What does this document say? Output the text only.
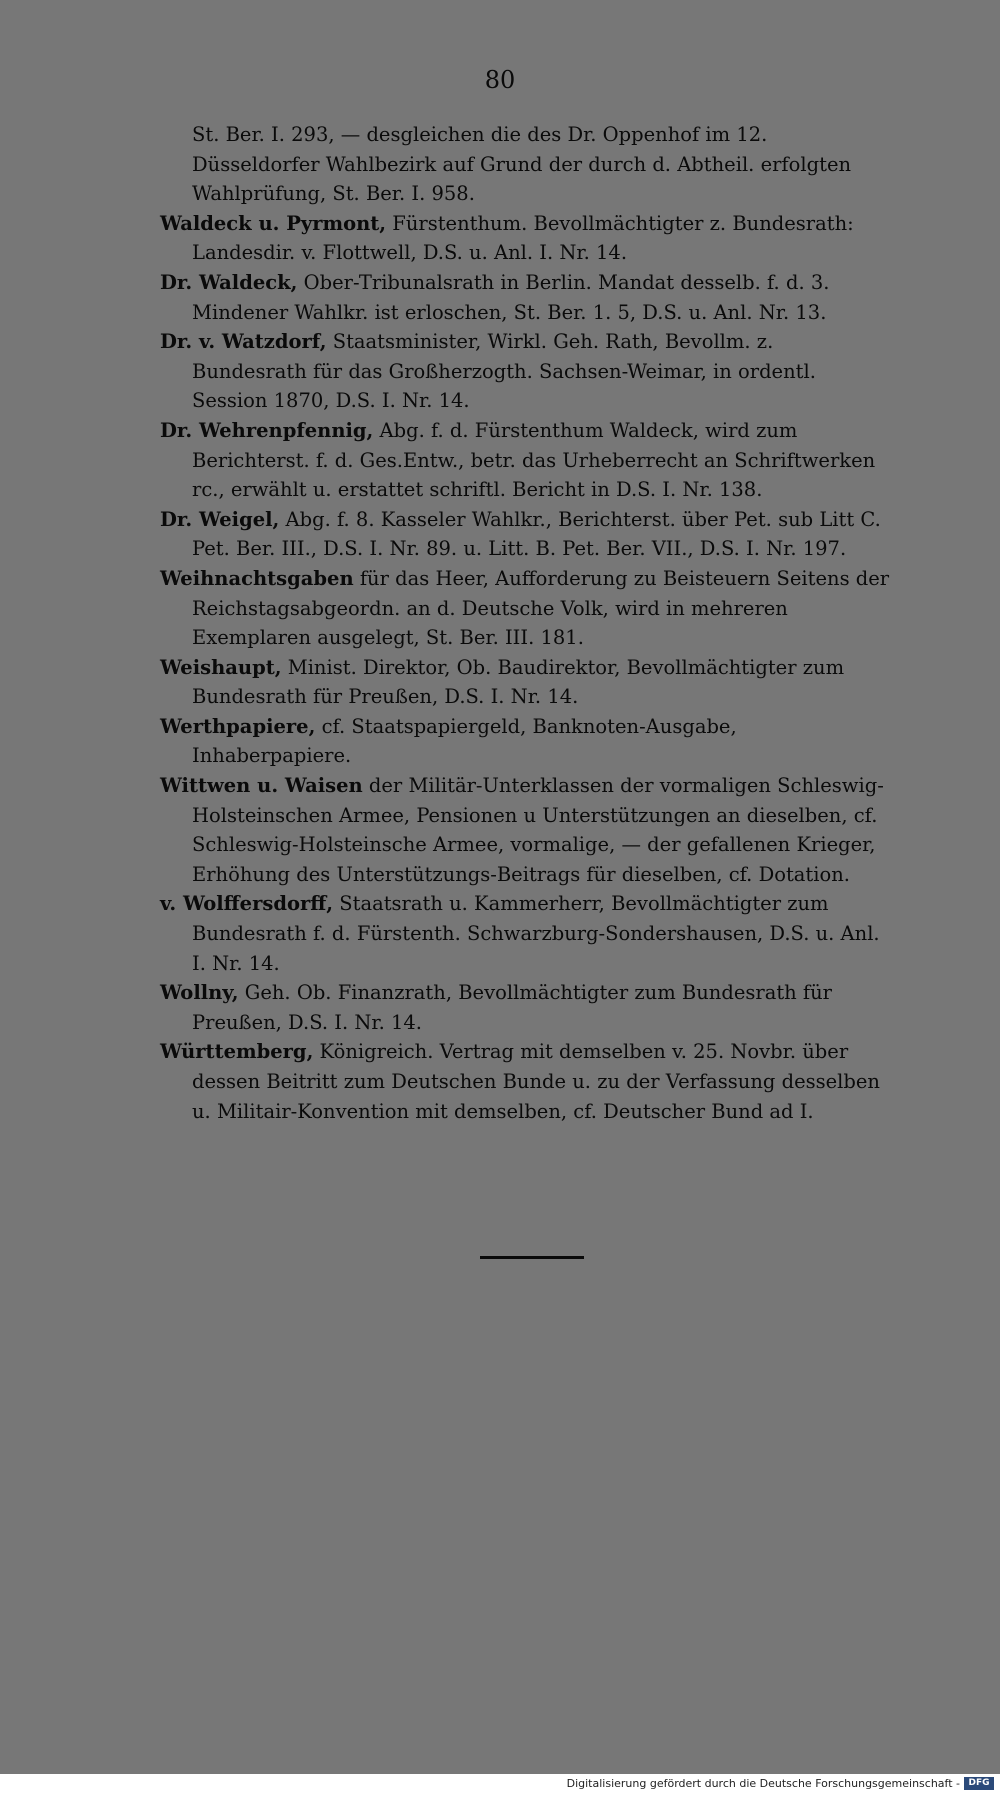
80

St. Ber. I. 293, — desgleichen die des Dr. Oppenhof im 12. Düsseldorfer Wahlbezirk auf Grund der durch d. Abtheil. erfolgten Wahlprüfung, St. Ber. I. 958.

Waldeck u. Pyrmont, Fürstenthum. Bevollmächtigter z. Bundesrath: Landesdir. v. Flottwell, D.S. u. Anl. I. Nr. 14.

Dr. Waldeck, Ober-Tribunalsrath in Berlin. Mandat desselb. f. d. 3. Mindener Wahlkr. ist erloschen, St. Ber. 1. 5, D.S. u. Anl. Nr. 13.

Dr. v. Watzdorf, Staatsminister, Wirkl. Geh. Rath, Bevollm. z. Bundesrath für das Großherzogth. Sachsen-Weimar, in ordentl. Session 1870, D.S. I. Nr. 14.

Dr. Wehrenpfennig, Abg. f. d. Fürstenthum Waldeck, wird zum Berichterst. f. d. Ges.Entw., betr. das Urheberrecht an Schriftwerken rc., erwählt u. erstattet schriftl. Bericht in D.S. I. Nr. 138.

Dr. Weigel, Abg. f. 8. Kasseler Wahlkr., Berichterst. über Pet. sub Litt C. Pet. Ber. III., D.S. I. Nr. 89. u. Litt. B. Pet. Ber. VII., D.S. I. Nr. 197.

Weihnachtsgaben für das Heer, Aufforderung zu Beisteuern Seitens der Reichstagsabgeordn. an d. Deutsche Volk, wird in mehreren Exemplaren ausgelegt, St. Ber. III. 181.

Weishaupt, Minist. Direktor, Ob. Baudirektor, Bevollmächtigter zum Bundesrath für Preußen, D.S. I. Nr. 14.

Werthpapiere, cf. Staatspapiergeld, Banknoten-Ausgabe, Inhaberpapiere.

Wittwen u. Waisen der Militär-Unterklassen der vormaligen Schleswig-Holsteinschen Armee, Pensionen u Unterstützungen an dieselben, cf. Schleswig-Holsteinsche Armee, vormalige, — der gefallenen Krieger, Erhöhung des Unterstützungs-Beitrags für dieselben, cf. Dotation.

v. Wolffersdorff, Staatsrath u. Kammerherr, Bevollmächtigter zum Bundesrath f. d. Fürstenth. Schwarzburg-Sondershausen, D.S. u. Anl. I. Nr. 14.

Wollny, Geh. Ob. Finanzrath, Bevollmächtigter zum Bundesrath für Preußen, D.S. I. Nr. 14.

Württemberg, Königreich. Vertrag mit demselben v. 25. Novbr. über dessen Beitritt zum Deutschen Bunde u. zu der Verfassung desselben u. Militair-Konvention mit demselben, cf. Deutscher Bund ad I.

Digitalisierung gefördert durch die Deutsche Forschungsgemeinschaft - DFG
